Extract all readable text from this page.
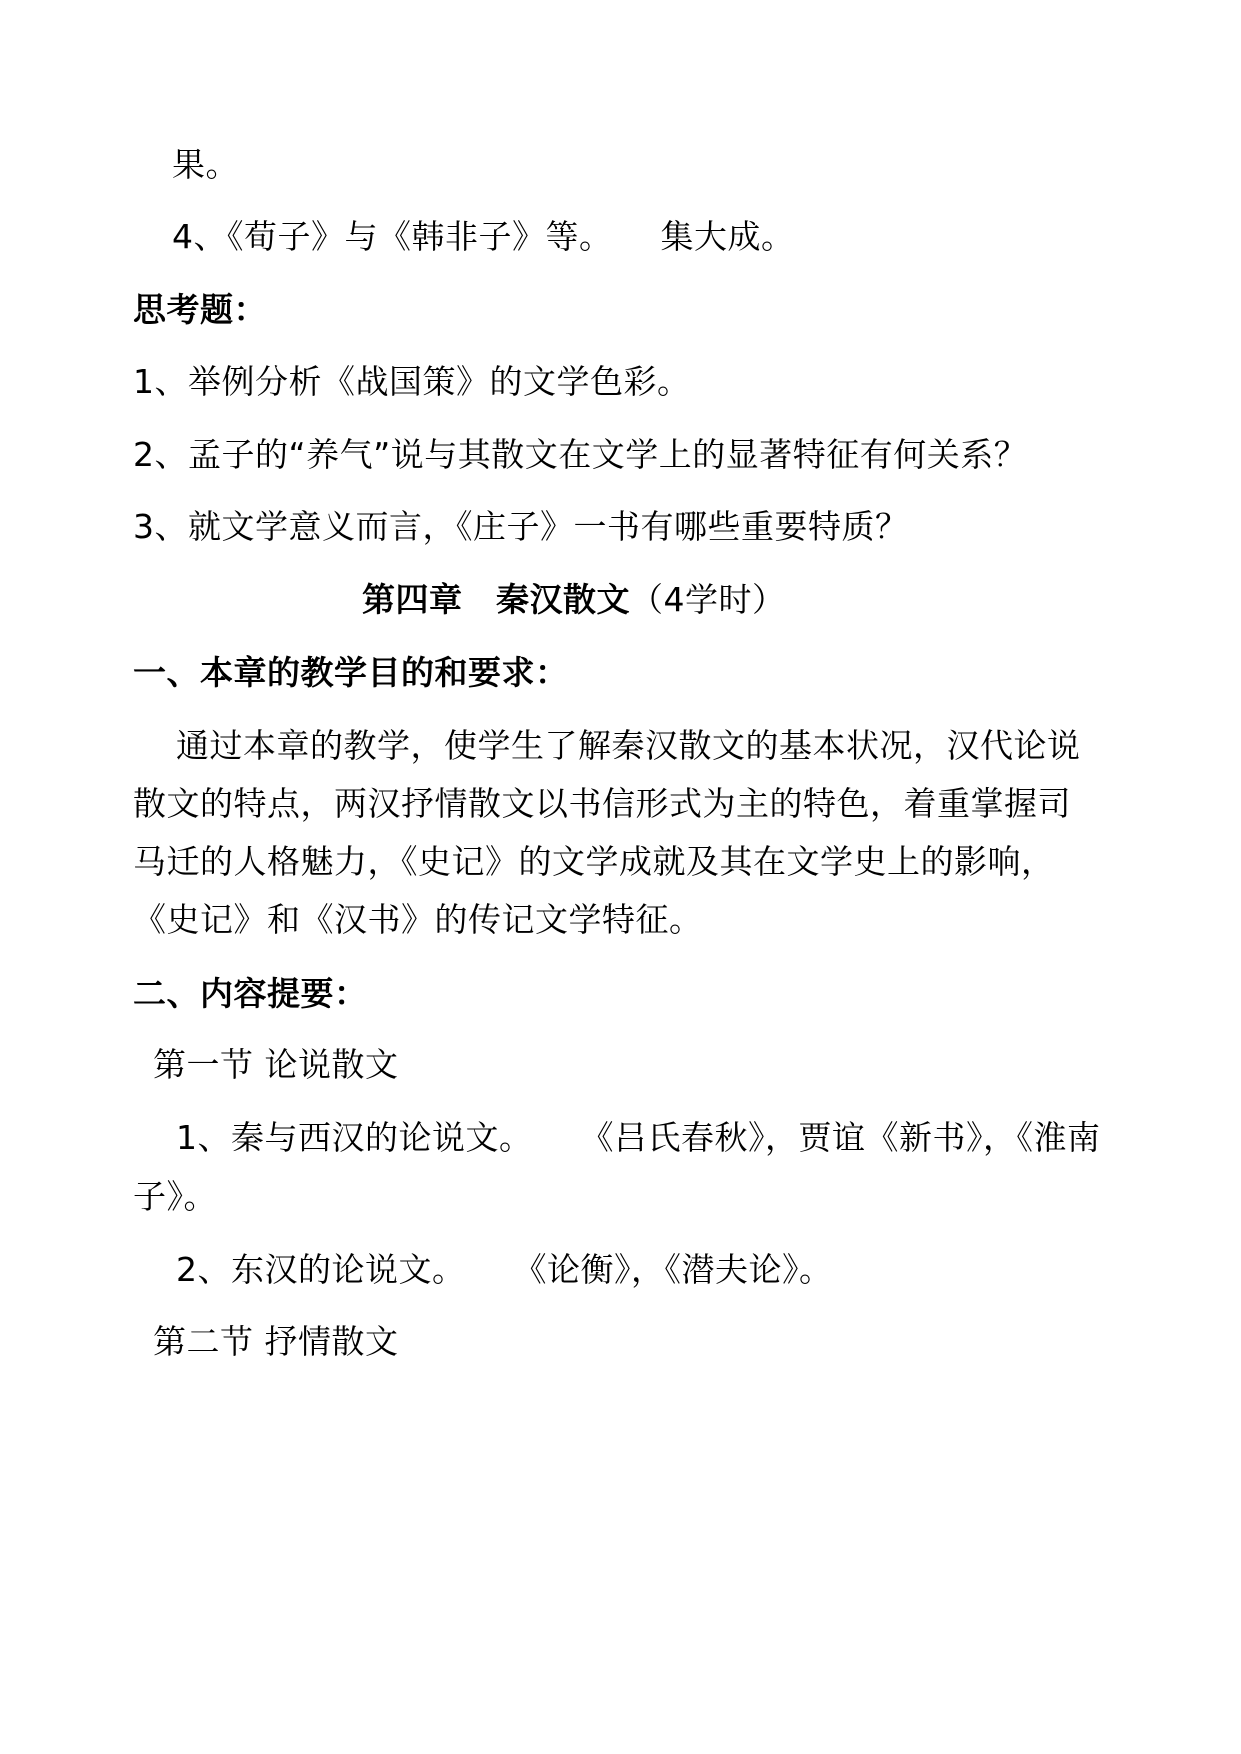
果。
4、《荀子》与《韩非子》等。 集大成。
思考题：
1、举例分析《战国策》的文学色彩。
2、孟子的“养气”说与其散文在文学上的显著特征有何关系？
3、就文学意义而言，《庄子》一书有哪些重要特质？
第四章　秦汉散文（4学时）
一、本章的教学目的和要求：
通过本章的教学，使学生了解秦汉散文的基本状况，汉代论说
散文的特点，两汉抒情散文以书信形式为主的特色，着重掌握司
马迁的人格魅力，《史记》的文学成就及其在文学史上的影响，
《史记》和《汉书》的传记文学特征。
二、内容提要：
第一节 论说散文
1、秦与西汉的论说文。 《吕氏春秋》，贾谊《新书》，《淮南
子》。
2、东汉的论说文。 《论衡》，《潜夫论》。
第二节 抒情散文
